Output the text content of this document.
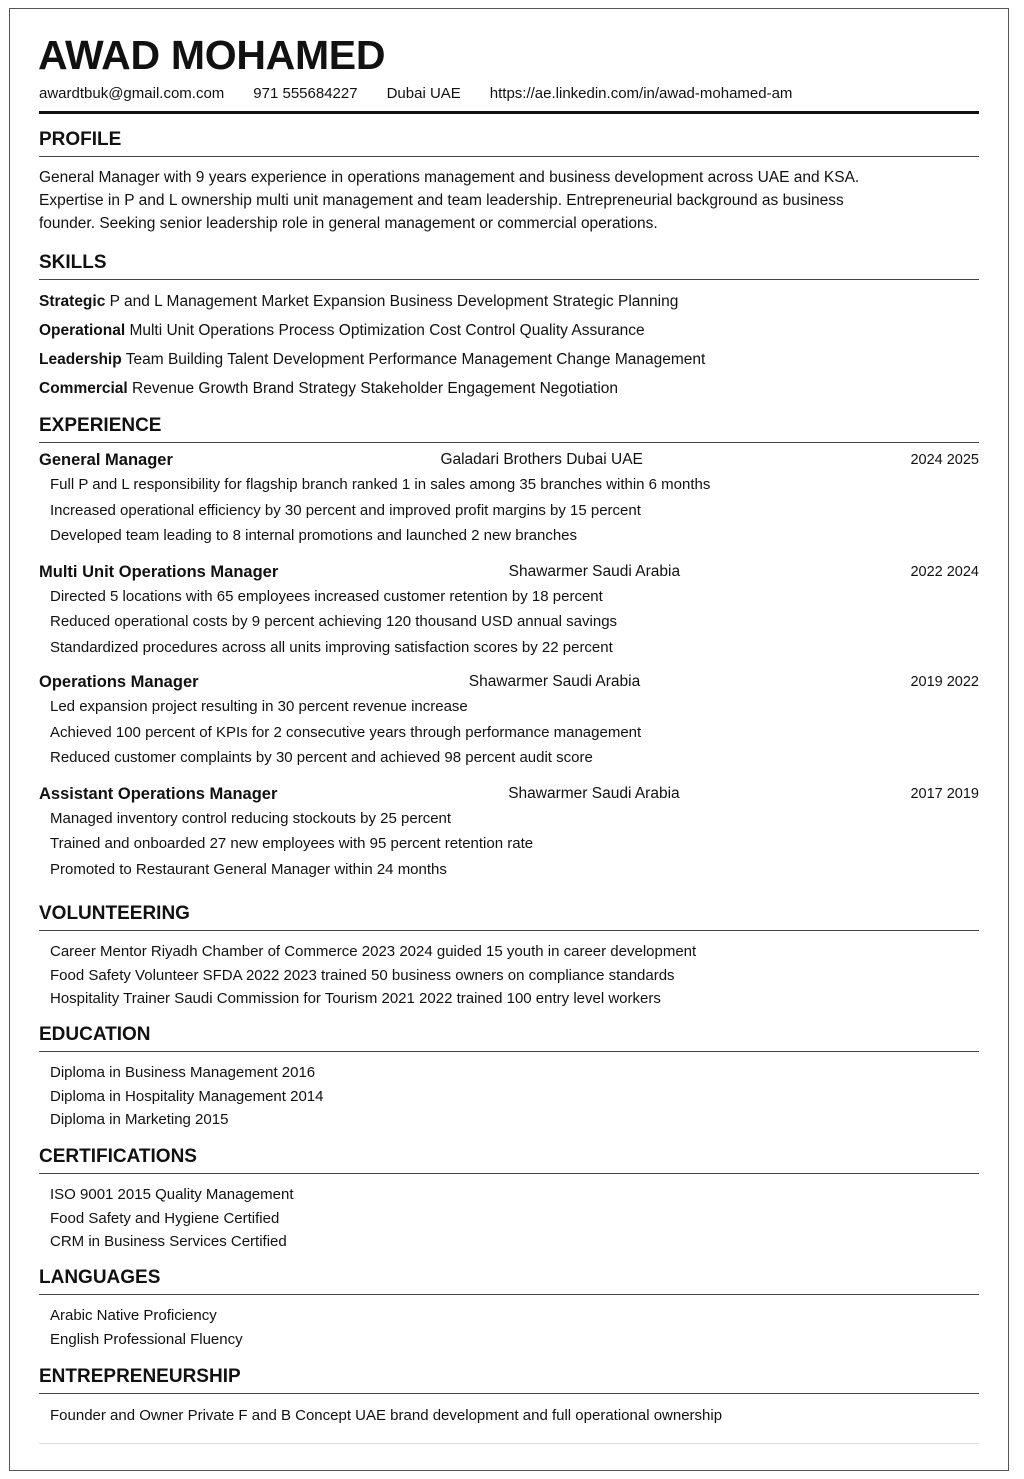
AWAD MOHAMED
awardtbuk@gmail.com.com 971 555684227 Dubai UAE https://ae.linkedin.com/in/awad-mohamed-am
PROFILE
General Manager with 9 years experience in operations management and business development across UAE and KSA.
Expertise in P and L ownership multi unit management and team leadership. Entrepreneurial background as business
founder. Seeking senior leadership role in general management or commercial operations.
SKILLS
Strategic P and L Management Market Expansion Business Development Strategic Planning
Operational Multi Unit Operations Process Optimization Cost Control Quality Assurance
Leadership Team Building Talent Development Performance Management Change Management
Commercial Revenue Growth Brand Strategy Stakeholder Engagement Negotiation
EXPERIENCE
General Manager	Galadari Brothers Dubai UAE	2024 2025
Full P and L responsibility for flagship branch ranked 1 in sales among 35 branches within 6 months
Increased operational efficiency by 30 percent and improved profit margins by 15 percent
Developed team leading to 8 internal promotions and launched 2 new branches
Multi Unit Operations Manager	Shawarmer Saudi Arabia	2022 2024
Directed 5 locations with 65 employees increased customer retention by 18 percent
Reduced operational costs by 9 percent achieving 120 thousand USD annual savings
Standardized procedures across all units improving satisfaction scores by 22 percent
Operations Manager	Shawarmer Saudi Arabia	2019 2022
Led expansion project resulting in 30 percent revenue increase
Achieved 100 percent of KPIs for 2 consecutive years through performance management
Reduced customer complaints by 30 percent and achieved 98 percent audit score
Assistant Operations Manager	Shawarmer Saudi Arabia	2017 2019
Managed inventory control reducing stockouts by 25 percent
Trained and onboarded 27 new employees with 95 percent retention rate
Promoted to Restaurant General Manager within 24 months
VOLUNTEERING
Career Mentor Riyadh Chamber of Commerce 2023 2024 guided 15 youth in career development
Food Safety Volunteer SFDA 2022 2023 trained 50 business owners on compliance standards
Hospitality Trainer Saudi Commission for Tourism 2021 2022 trained 100 entry level workers
EDUCATION
Diploma in Business Management 2016
Diploma in Hospitality Management 2014
Diploma in Marketing 2015
CERTIFICATIONS
ISO 9001 2015 Quality Management
Food Safety and Hygiene Certified
CRM in Business Services Certified
LANGUAGES
Arabic Native Proficiency
English Professional Fluency
ENTREPRENEURSHIP
Founder and Owner Private F and B Concept UAE brand development and full operational ownership
